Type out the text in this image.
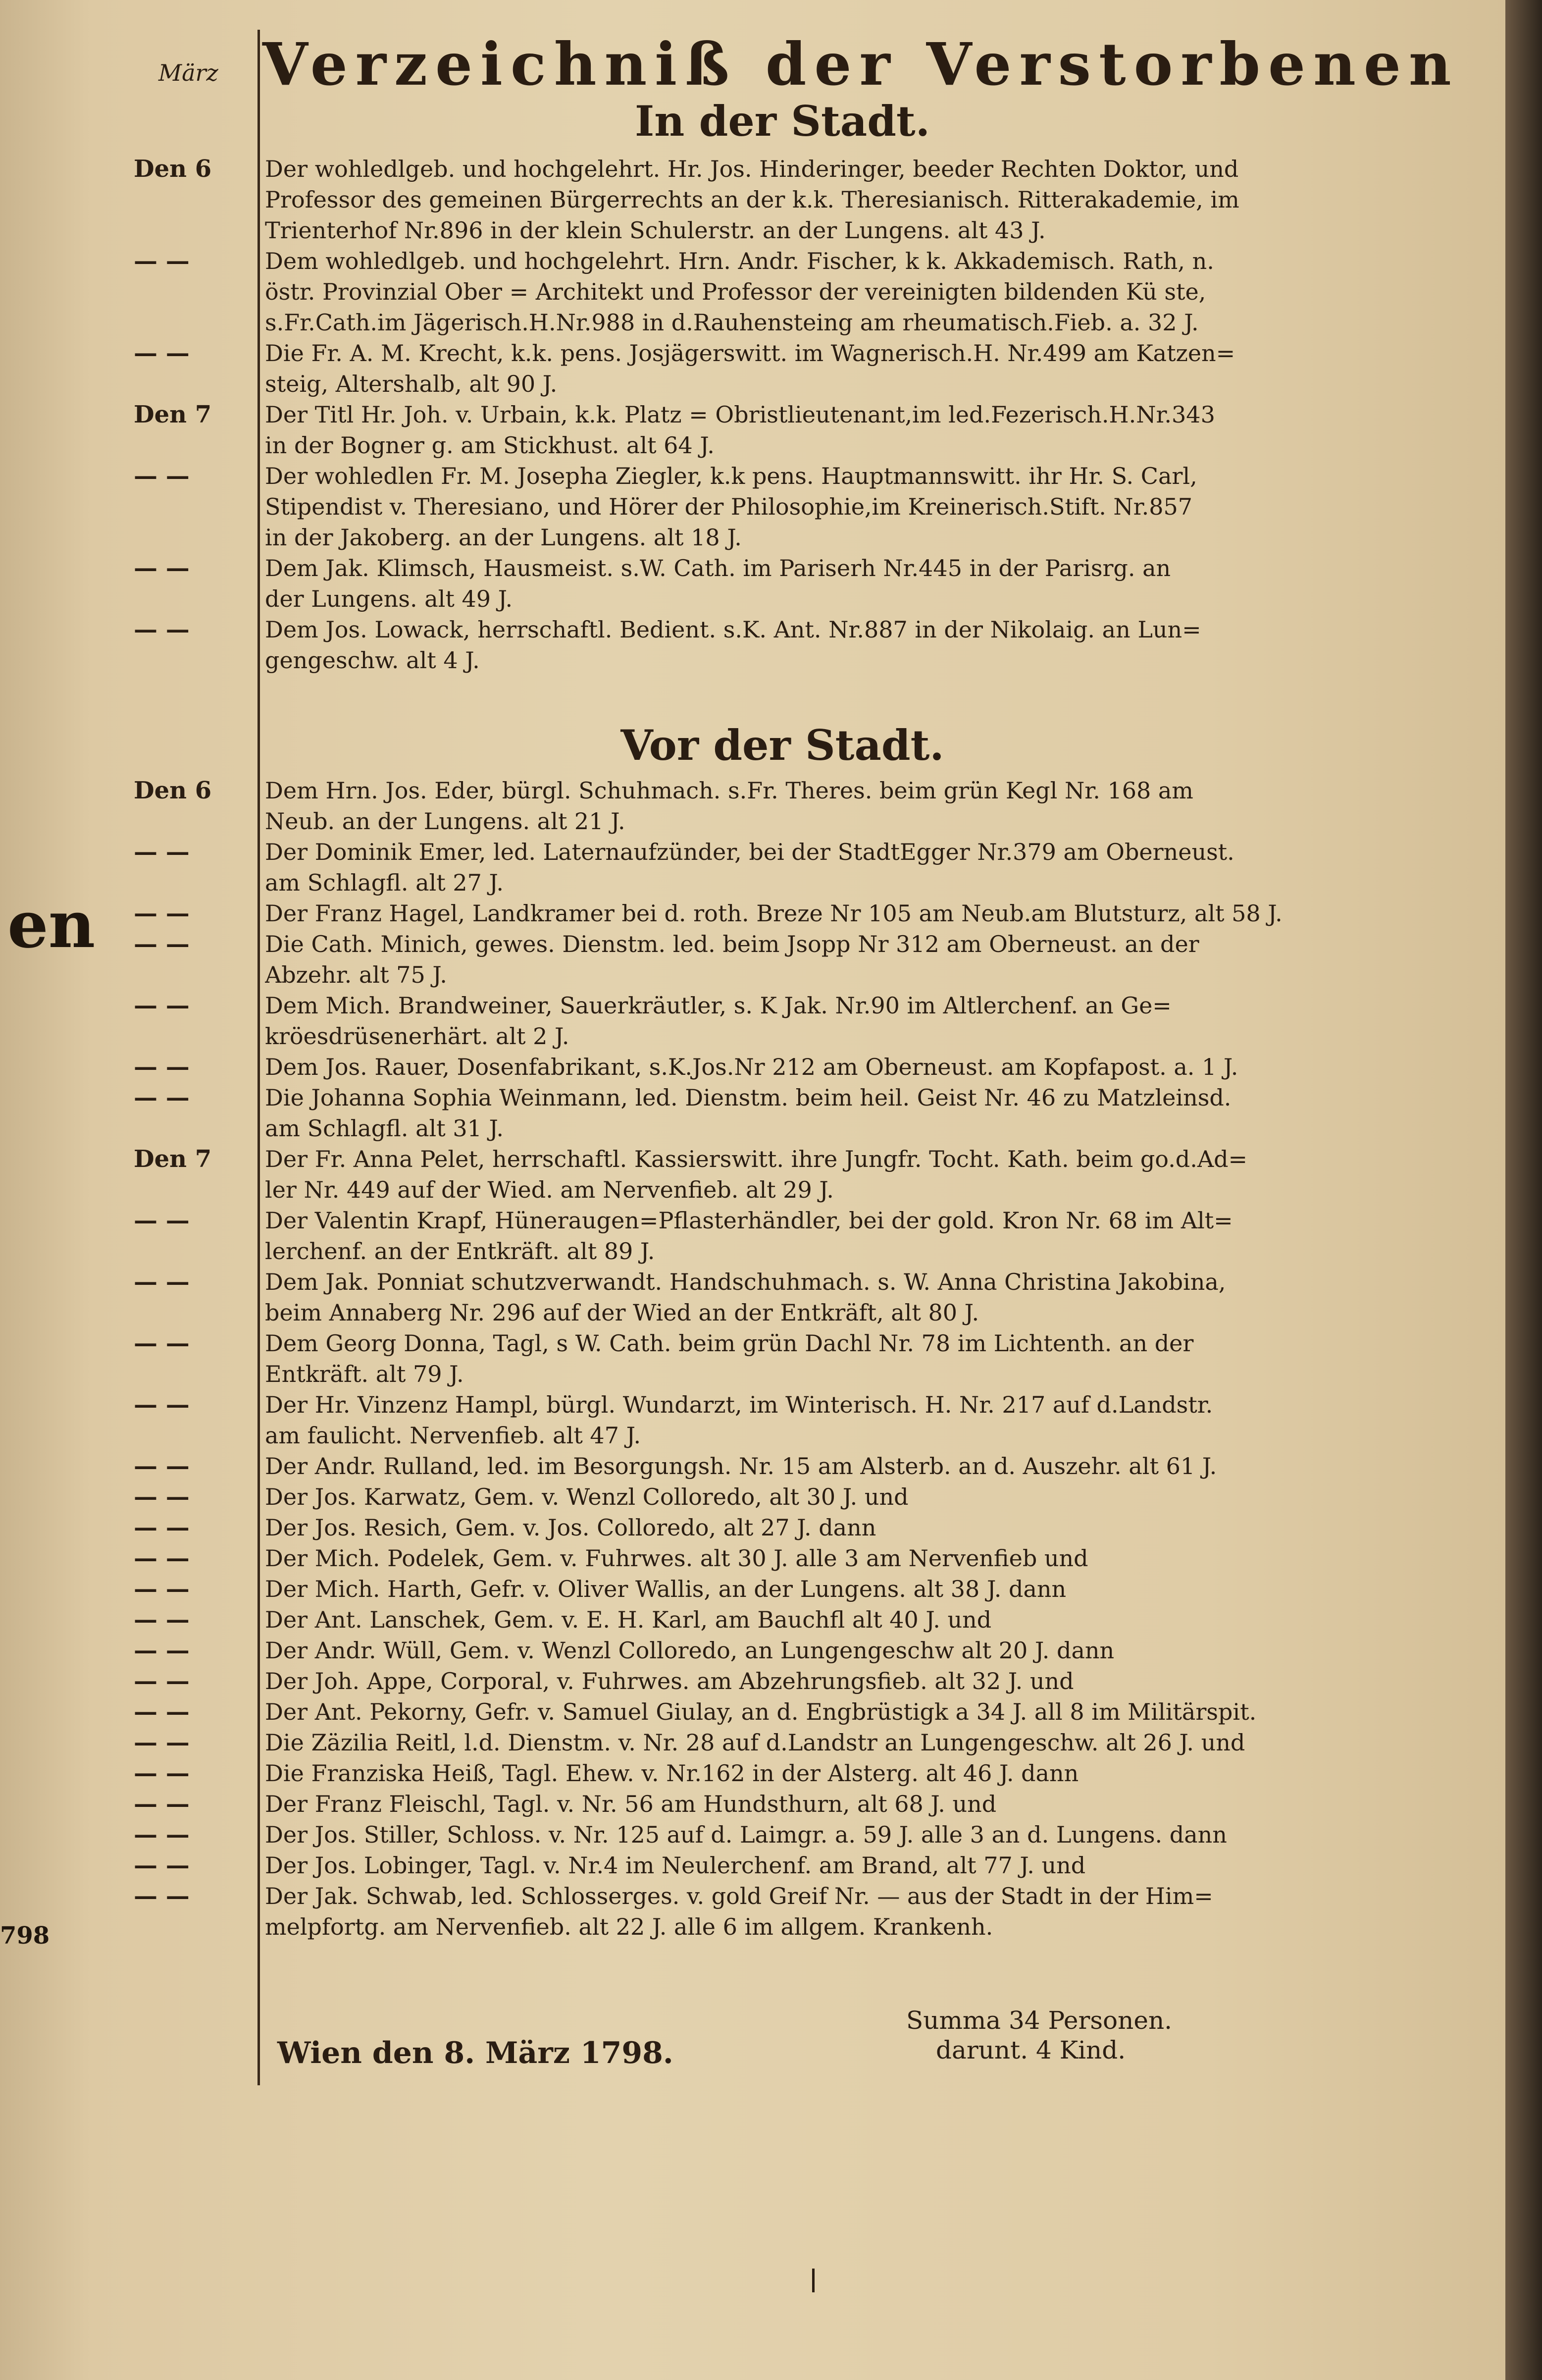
März Verzeichniß der Verstorbenen
In der Stadt.
Den 6	Der wohledlgeb. und hochgelehrt. Hr. Jos. Hinderinger, beeder Rechten Doktor, und
Professor des gemeinen Bürgerrechts an der k.k. Theresianisch. Ritterakademie, im
Trienterhof Nr.896 in der klein Schulerstr. an der Lungens. alt 43 J.
— —	Dem wohledlgeb. und hochgelehrt. Hrn. Andr. Fischer, k k. Akkademisch. Rath, n.
östr. Provinzial Ober = Architekt und Professor der vereinigten bildenden Kü ste,
s.Fr.Cath.im Jägerisch.H.Nr.988 in d.Rauhensteing am rheumatisch.Fieb. a. 32 J.
— —	Die Fr. A. M. Krecht, k.k. pens. Josjägerswitt. im Wagnerisch.H. Nr.499 am Katzen=
steig, Altershalb, alt 90 J.
Den 7	Der Titl Hr. Joh. v. Urbain, k.k. Platz = Obristlieutenant,im led.Fezerisch.H.Nr.343
in der Bogner g. am Stickhust. alt 64 J.
— —	Der wohledlen Fr. M. Josepha Ziegler, k.k pens. Hauptmannswitt. ihr Hr. S. Carl,
Stipendist v. Theresiano, und Hörer der Philosophie,im Kreinerisch.Stift. Nr.857
in der Jakoberg. an der Lungens. alt 18 J.
— —	Dem Jak. Klimsch, Hausmeist. s.W. Cath. im Pariserh Nr.445 in der Parisrg. an
der Lungens. alt 49 J.
— —	Dem Jos. Lowack, herrschaftl. Bedient. s.K. Ant. Nr.887 in der Nikolaig. an Lun=
gengeschw. alt 4 J.
Vor der Stadt.
Den 6	Dem Hrn. Jos. Eder, bürgl. Schuhmach. s.Fr. Theres. beim grün Kegl Nr. 168 am
Neub. an der Lungens. alt 21 J.
— —	Der Dominik Emer, led. Laternaufzünder, bei der StadtEgger Nr.379 am Oberneust.
am Schlagfl. alt 27 J.
— —	Der Franz Hagel, Landkramer bei d. roth. Breze Nr 105 am Neub.am Blutsturz, alt 58 J.
— —	Die Cath. Minich, gewes. Dienstm. led. beim Jsopp Nr 312 am Oberneust. an der
Abzehr. alt 75 J.
— —	Dem Mich. Brandweiner, Sauerkräutler, s. K Jak. Nr.90 im Altlerchenf. an Ge=
kröesdrüsenerhärt. alt 2 J.
— —	Dem Jos. Rauer, Dosenfabrikant, s.K.Jos.Nr 212 am Oberneust. am Kopfapost. a. 1 J.
— —	Die Johanna Sophia Weinmann, led. Dienstm. beim heil. Geist Nr. 46 zu Matzleinsd.
am Schlagfl. alt 31 J.
Den 7	Der Fr. Anna Pelet, herrschaftl. Kassierswitt. ihre Jungfr. Tocht. Kath. beim go.d.Ad=
ler Nr. 449 auf der Wied. am Nervenfieb. alt 29 J.
— —	Der Valentin Krapf, Hüneraugen=Pflasterhändler, bei der gold. Kron Nr. 68 im Alt=
lerchenf. an der Entkräft. alt 89 J.
— —	Dem Jak. Ponniat schutzverwandt. Handschuhmach. s. W. Anna Christina Jakobina,
beim Annaberg Nr. 296 auf der Wied an der Entkräft, alt 80 J.
— —	Dem Georg Donna, Tagl, s W. Cath. beim grün Dachl Nr. 78 im Lichtenth. an der
Entkräft. alt 79 J.
— —	Der Hr. Vinzenz Hampl, bürgl. Wundarzt, im Winterisch. H. Nr. 217 auf d.Landstr.
am faulicht. Nervenfieb. alt 47 J.
— —	Der Andr. Rulland, led. im Besorgungsh. Nr. 15 am Alsterb. an d. Auszehr. alt 61 J.
— —	Der Jos. Karwatz, Gem. v. Wenzl Colloredo, alt 30 J. und
— —	Der Jos. Resich, Gem. v. Jos. Colloredo, alt 27 J. dann
— —	Der Mich. Podelek, Gem. v. Fuhrwes. alt 30 J. alle 3 am Nervenfieb und
— —	Der Mich. Harth, Gefr. v. Oliver Wallis, an der Lungens. alt 38 J. dann
— —	Der Ant. Lanschek, Gem. v. E. H. Karl, am Bauchfl alt 40 J. und
— —	Der Andr. Wüll, Gem. v. Wenzl Colloredo, an Lungengeschw alt 20 J. dann
— —	Der Joh. Appe, Corporal, v. Fuhrwes. am Abzehrungsfieb. alt 32 J. und
— —	Der Ant. Pekorny, Gefr. v. Samuel Giulay, an d. Engbrüstigk a 34 J. all 8 im Militärspit.
— —	Die Zäzilia Reitl, l.d. Dienstm. v. Nr. 28 auf d.Landstr an Lungengeschw. alt 26 J. und
— —	Die Franziska Heiß, Tagl. Ehew. v. Nr.162 in der Alsterg. alt 46 J. dann
— —	Der Franz Fleischl, Tagl. v. Nr. 56 am Hundsthurn, alt 68 J. und
— —	Der Jos. Stiller, Schloss. v. Nr. 125 auf d. Laimgr. a. 59 J. alle 3 an d. Lungens. dann
— —	Der Jos. Lobinger, Tagl. v. Nr.4 im Neulerchenf. am Brand, alt 77 J. und
— —	Der Jak. Schwab, led. Schlosserges. v. gold Greif Nr. — aus der Stadt in der Him=
melpfortg. am Nervenfieb. alt 22 J. alle 6 im allgem. Krankenh.
Wien den 8. März 1798.
Summa 34 Personen.
darunt. 4 Kind.
en
798
